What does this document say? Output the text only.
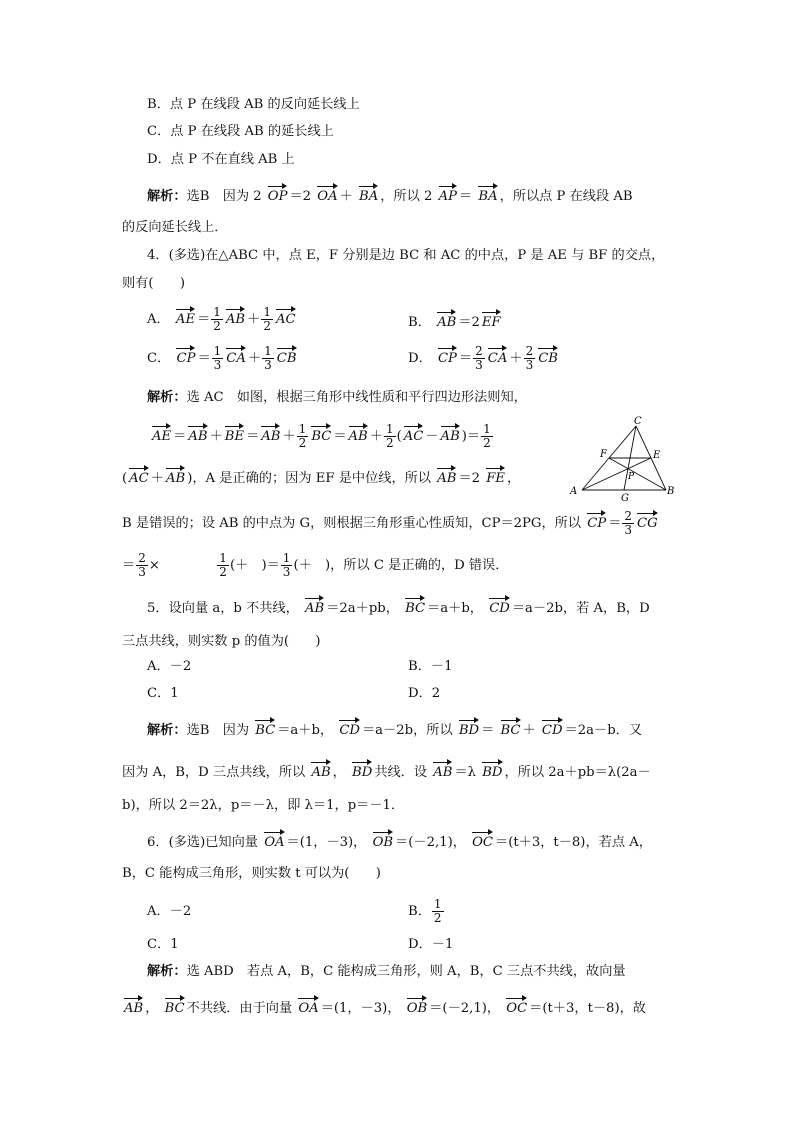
B．点 P 在线段 AB 的反向延长线上
C．点 P 在线段 AB 的延长线上
D．点 P 不在直线 AB 上
解析：选B　因为 2 OP ＝2 OA ＋ BA ，所以 2 AP ＝ BA ，所以点 P 在线段 AB
的反向延长线上．
4．(多选)在△ABC 中，点 E，F 分别是边 BC 和 AC 的中点，P 是 AE 与 BF 的交点，
则有(　　)
A． AE ＝ $\frac{1}{2}$ AB ＋ $\frac{1}{2}$ AC	B． AB ＝2 EF
C． CP ＝ $\frac{1}{3}$ CA ＋ $\frac{1}{3}$ CB	D． CP ＝ $\frac{2}{3}$ CA ＋ $\frac{2}{3}$ CB
解析：选 AC　如图，根据三角形中线性质和平行四边形法则知，
AE ＝ AB ＋ BE ＝ AB ＋ $\frac{1}{2}$ BC ＝ AB ＋ $\frac{1}{2}$ ( AC － AB )＝ $\frac{1}{2}$
( AC ＋ AB )，A 是正确的；因为 EF 是中位线，所以 AB ＝2 FE ，
B 是错误的；设 AB 的中点为 G，则根据三角形重心性质知，CP＝2PG，所以 CP ＝ $\frac{2}{3}$ CG
＝ $\frac{2}{3}$ ×	$\frac{1}{2}$ (＋　)＝ $\frac{1}{3}$ (＋　)，所以 C 是正确的，D 错误．
A	B
C
E
F
G
P
5．设向量 a，b 不共线， AB ＝2a＋pb， BC ＝a＋b， CD ＝a－2b，若 A，B，D
三点共线，则实数 p 的值为(　　)
A．－2	B．－1
C．1	D．2
解析：选B　因为 BC ＝a＋b， CD ＝a－2b，所以 BD ＝ BC ＋ CD ＝2a－b．又
因为 A，B，D 三点共线，所以 AB ， BD 共线．设 AB ＝λ BD ，所以 2a＋pb＝λ(2a－
b)，所以 2＝2λ，p＝－λ，即 λ＝1，p＝－1．
6．(多选)已知向量 OA ＝(1，－3)， OB ＝(－2,1)， OC ＝(t＋3，t－8)，若点 A，
B，C 能构成三角形，则实数 t 可以为(　　)
A．－2	B． $\frac{1}{2}$
C．1	D．－1
解析：选 ABD　若点 A，B，C 能构成三角形，则 A，B，C 三点不共线，故向量
AB ， BC 不共线．由于向量 OA ＝(1，－3)， OB ＝(－2,1)， OC ＝(t＋3，t－8)，故
